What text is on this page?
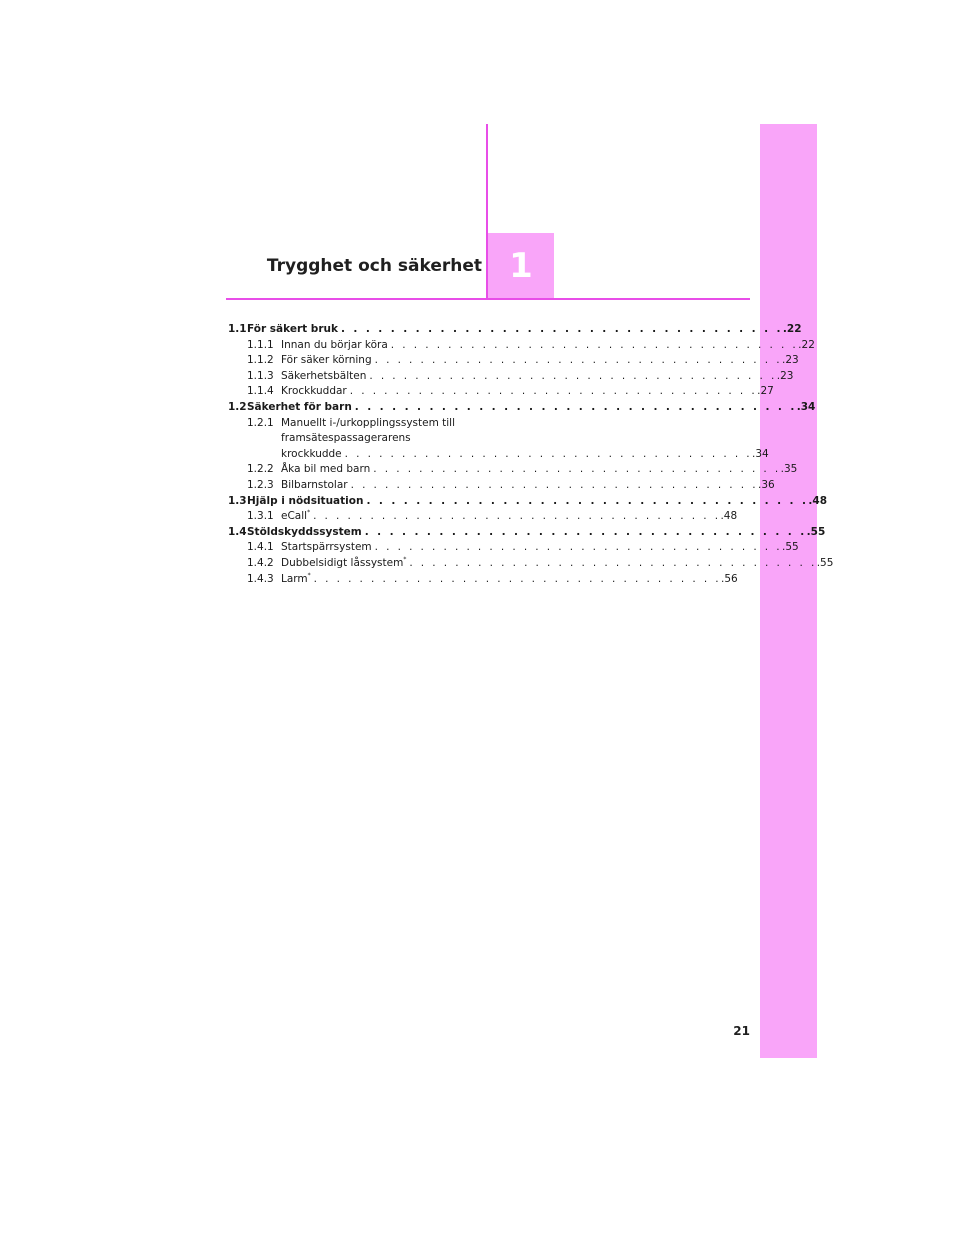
1
Trygghet och säkerhet
1.1 För säkert bruk . . . . . . . . . . . . . . . . . . . . . . . . . . . . . . . . . . . . .22
1.1.1 Innan du börjar köra . . . . . . . . . . . . . . . . . . . . . . . . . . . . . . . . . . . . .22
1.1.2 För säker körning . . . . . . . . . . . . . . . . . . . . . . . . . . . . . . . . . . . . .23
1.1.3 Säkerhetsbälten . . . . . . . . . . . . . . . . . . . . . . . . . . . . . . . . . . . . .23
1.1.4 Krockkuddar . . . . . . . . . . . . . . . . . . . . . . . . . . . . . . . . . . . . .27
1.2 Säkerhet för barn . . . . . . . . . . . . . . . . . . . . . . . . . . . . . . . . . . . . .34
1.2.1 Manuellt i-/urkopplingssystem till
framsätespassagerarens
krockkudde . . . . . . . . . . . . . . . . . . . . . . . . . . . . . . . . . . . . .34
1.2.2 Åka bil med barn . . . . . . . . . . . . . . . . . . . . . . . . . . . . . . . . . . . . .35
1.2.3 Bilbarnstolar . . . . . . . . . . . . . . . . . . . . . . . . . . . . . . . . . . . . .36
1.3 Hjälp i nödsituation . . . . . . . . . . . . . . . . . . . . . . . . . . . . . . . . . . . . .48
1.3.1 eCall* . . . . . . . . . . . . . . . . . . . . . . . . . . . . . . . . . . . . .48
1.4 Stöldskyddssystem . . . . . . . . . . . . . . . . . . . . . . . . . . . . . . . . . . . . .55
1.4.1 Startspärrsystem . . . . . . . . . . . . . . . . . . . . . . . . . . . . . . . . . . . . .55
1.4.2 Dubbelsidigt låssystem* . . . . . . . . . . . . . . . . . . . . . . . . . . . . . . . . . . . . .55
1.4.3 Larm* . . . . . . . . . . . . . . . . . . . . . . . . . . . . . . . . . . . . .56
21
